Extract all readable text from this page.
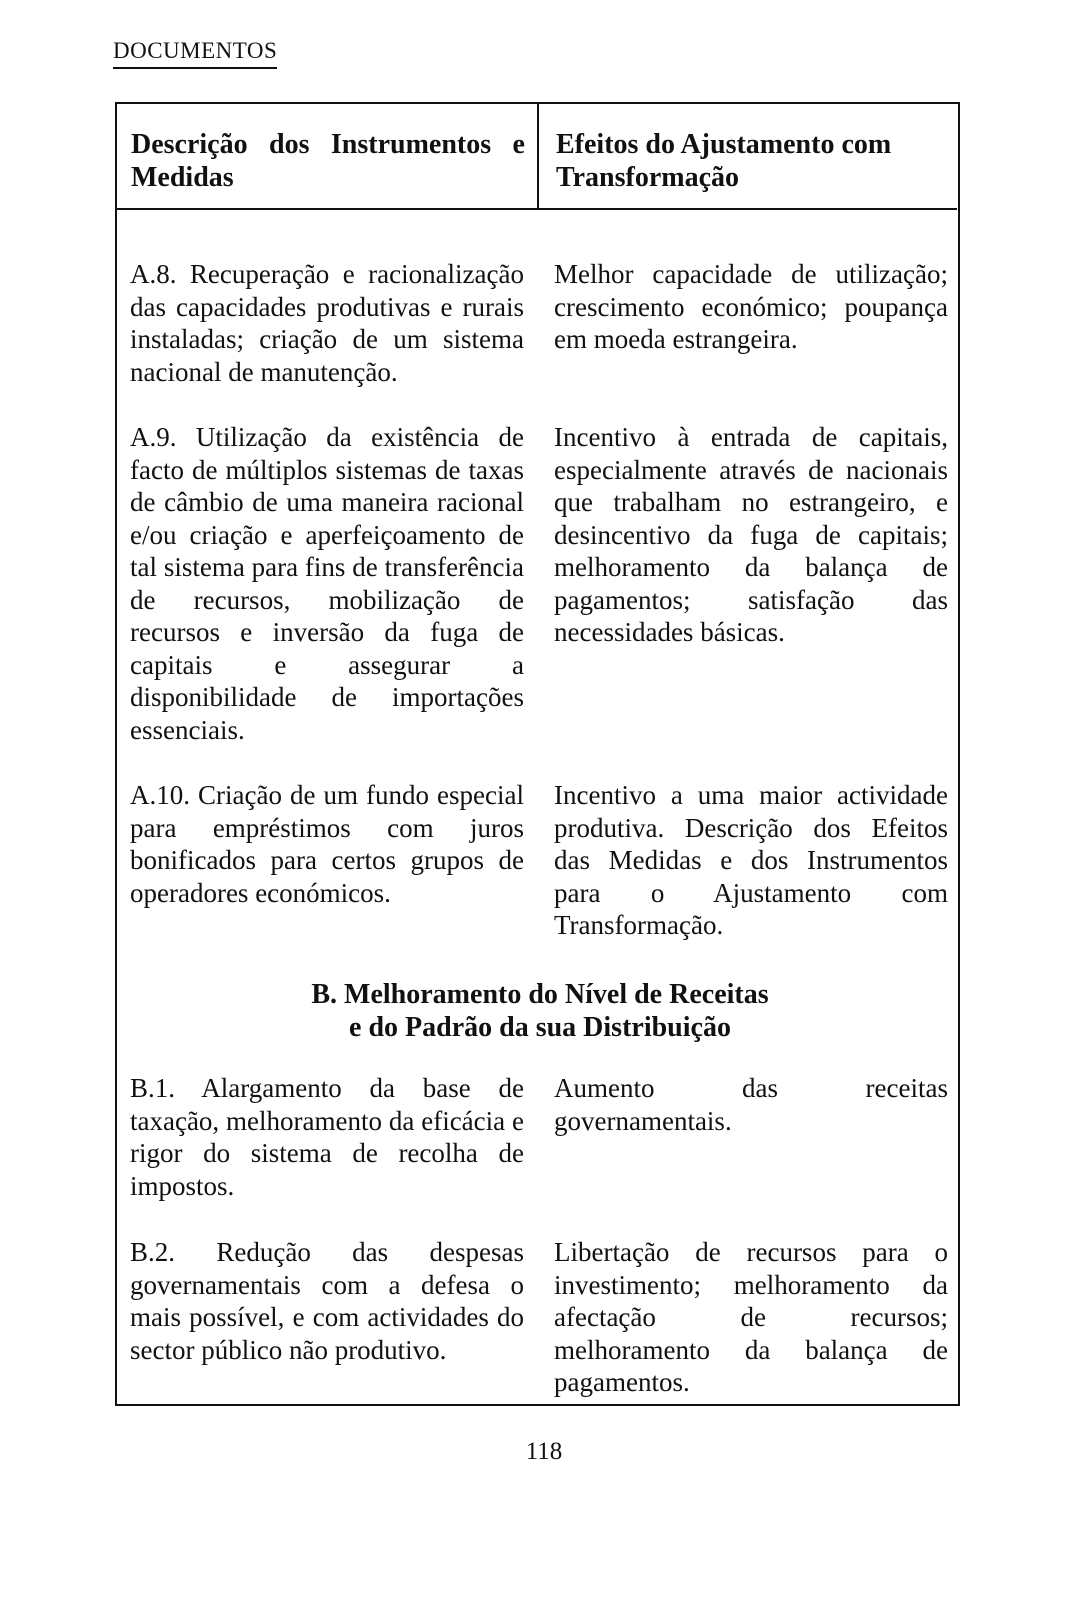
DOCUMENTOS
Descrição dos Instrumentos e Medidas
Efeitos do Ajustamento com Transformação
A.8. Recuperação e racionalização das capacidades produtivas e rurais instaladas; criação de um sistema nacional de manutenção.
Melhor capacidade de utilização; crescimento económico; poupança em moeda estrangeira.
A.9. Utilização da existência de facto de múltiplos sistemas de taxas de câmbio de uma maneira racional e/ou criação e aperfeiçoamento de tal sistema para fins de transferência de recursos, mobilização de recursos e inversão da fuga de capitais e assegurar a disponibilidade de importações essenciais.
Incentivo à entrada de capitais, especialmente através de nacionais que trabalham no estrangeiro, e desincentivo da fuga de capitais; melhoramento da balança de pagamentos; satisfação das necessidades básicas.
A.10. Criação de um fundo especial para empréstimos com juros bonificados para certos grupos de operadores económicos.
Incentivo a uma maior actividade produtiva. Descrição dos Efeitos das Medidas e dos Instrumentos para o Ajustamento com Transformação.
B. Melhoramento do Nível de Receitas
e do Padrão da sua Distribuição
B.1. Alargamento da base de taxação, melhoramento da eficácia e rigor do sistema de recolha de impostos.
Aumento das receitas governamentais.
B.2. Redução das despesas governamentais com a defesa o mais possível, e com actividades do sector público não produtivo.
Libertação de recursos para o investimento; melhoramento da afectação de recursos; melhoramento da balança de pagamentos.
118
